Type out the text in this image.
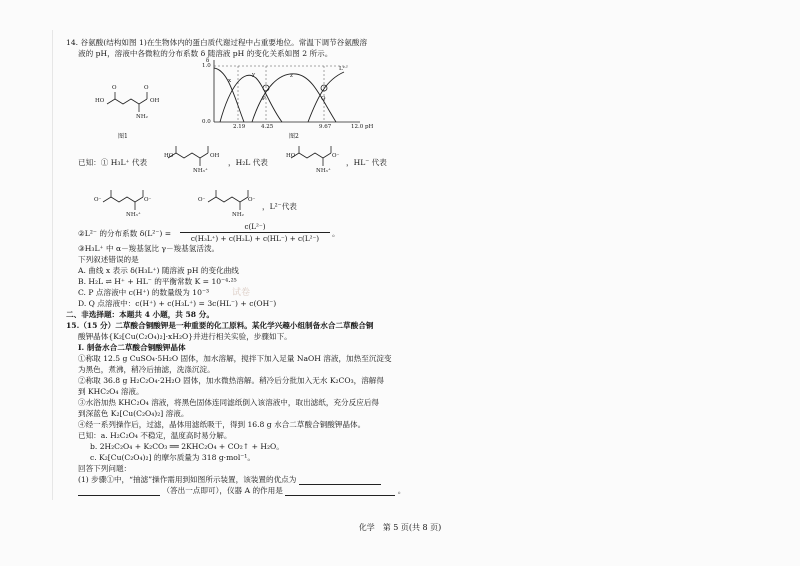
14. 谷氨酸(结构如图 1)在生物体内的蛋白质代谢过程中占重要地位。常温下调节谷氨酸溶
液的 pH，溶液中各微粒的分布系数 δ 随溶液 pH 的变化关系如图 2 所示。
HO	OH
NH₂
O	O
图1
δ
1.0
0.0
2.19	4.25	9.67	12.0 pH
x
y	z
L²⁻
P	Q
图2
已知：① H₃L⁺ 代表
HO	OH
NH₃⁺
，H₂L 代表
HO	O⁻
NH₃⁺
，HL⁻ 代表
O⁻	O⁻
NH₃⁺
O⁻	O⁻
NH₂
，L²⁻代表
②L²⁻ 的分布系数 δ(L²⁻) =
c(L²⁻)
c(H₃L⁺) + c(H₂L) + c(HL⁻) + c(L²⁻)
。
③H₃L⁺ 中 α－羧基氢比 γ－羧基氢活泼。
下列叙述错误的是
A. 曲线 x 表示 δ(H₃L⁺) 随溶液 pH 的变化曲线
B. H₂L ⇌ H⁺ + HL⁻ 的平衡常数 K = 10⁻⁴·²⁵
C. P 点溶液中 c(H⁺) 的数量级为 10⁻³
D. Q 点溶液中：c(H⁺) + c(H₃L⁺) = 3c(HL⁻) + c(OH⁻)
试卷
二、非选择题：本题共 4 小题，共 58 分。
15.（15 分）二草酸合铜酸钾是一种重要的化工原料。某化学兴趣小组制备水合二草酸合铜
酸钾晶体{K₂[Cu(C₂O₄)₂]·xH₂O}并进行相关实验，步骤如下。
Ⅰ. 制备水合二草酸合铜酸钾晶体
①称取 12.5 g CuSO₄·5H₂O 固体，加水溶解，搅拌下加入足量 NaOH 溶液，加热至沉淀变
为黑色，煮沸，稍冷后抽滤，洗涤沉淀。
②称取 36.8 g H₂C₂O₄·2H₂O 固体，加水微热溶解。稍冷后分批加入无水 K₂CO₃，溶解得
到 KHC₂O₄ 溶液。
③水浴加热 KHC₂O₄ 溶液，将黑色固体连同滤纸倒入该溶液中，取出滤纸，充分反应后得
到深蓝色 K₂[Cu(C₂O₄)₂] 溶液。
④经一系列操作后，过滤，晶体用滤纸吸干，得到 16.8 g 水合二草酸合铜酸钾晶体。
已知：a. H₂C₂O₄ 不稳定，温度高时易分解。
b. 2H₂C₂O₄ + K₂CO₃ ══ 2KHC₂O₄ + CO₂↑ + H₂O。
c. K₂[Cu(C₂O₄)₂] 的摩尔质量为 318 g·mol⁻¹。
回答下列问题：
(1) 步骤①中，“抽滤”操作需用到如图所示装置，该装置的优点为
（答出一点即可），仪器 A 的作用是	。
化学　第 5 页(共 8 页)
